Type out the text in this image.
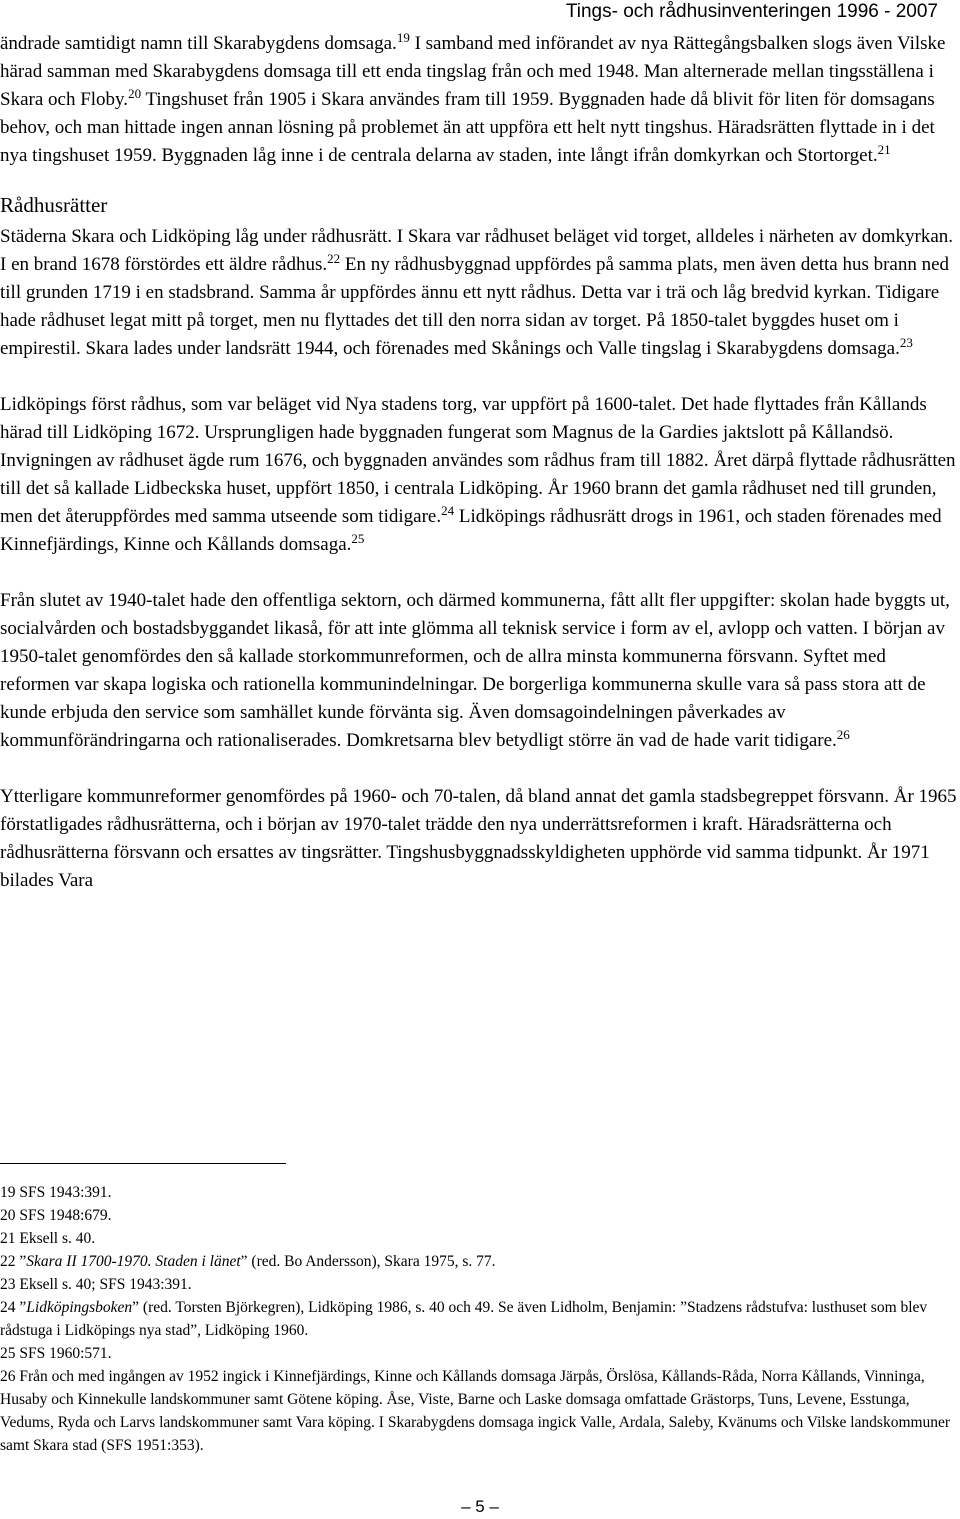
Tings- och rådhusinventeringen 1996 - 2007

ändrade samtidigt namn till Skarabygdens domsaga.$^{19}$ I samband med införandet av nya Rättegångsbalken slogs även Vilske härad samman med Skarabygdens domsaga till ett enda tingslag från och med 1948. Man alternerade mellan tingsställena i Skara och Floby.$^{20}$ Tingshuset från 1905 i Skara användes fram till 1959. Byggnaden hade då blivit för liten för domsagans behov, och man hittade ingen annan lösning på problemet än att uppföra ett helt nytt tingshus. Häradsrätten flyttade in i det nya tingshuset 1959. Byggnaden låg inne i de centrala delarna av staden, inte långt ifrån domkyrkan och Stortorget.$^{21}$

Rådhusrätter

Städerna Skara och Lidköping låg under rådhusrätt. I Skara var rådhuset beläget vid torget, alldeles i närheten av domkyrkan. I en brand 1678 förstördes ett äldre rådhus.$^{22}$ En ny rådhusbyggnad uppfördes på samma plats, men även detta hus brann ned till grunden 1719 i en stadsbrand. Samma år uppfördes ännu ett nytt rådhus. Detta var i trä och låg bredvid kyrkan. Tidigare hade rådhuset legat mitt på torget, men nu flyttades det till den norra sidan av torget. På 1850-talet byggdes huset om i empirestil. Skara lades under landsrätt 1944, och förenades med Skånings och Valle tingslag i Skarabygdens domsaga.$^{23}$

Lidköpings först rådhus, som var beläget vid Nya stadens torg, var uppfört på 1600-talet. Det hade flyttades från Kållands härad till Lidköping 1672. Ursprungligen hade byggnaden fungerat som Magnus de la Gardies jaktslott på Kållandsö. Invigningen av rådhuset ägde rum 1676, och byggnaden användes som rådhus fram till 1882. Året därpå flyttade rådhusrätten till det så kallade Lidbeckska huset, uppfört 1850, i centrala Lidköping. År 1960 brann det gamla rådhuset ned till grunden, men det återuppfördes med samma utseende som tidigare.$^{24}$ Lidköpings rådhusrätt drogs in 1961, och staden förenades med Kinnefjärdings, Kinne och Kållands domsaga.$^{25}$

Från slutet av 1940-talet hade den offentliga sektorn, och därmed kommunerna, fått allt fler uppgifter: skolan hade byggts ut, socialvården och bostadsbyggandet likaså, för att inte glömma all teknisk service i form av el, avlopp och vatten. I början av 1950-talet genomfördes den så kallade storkommunreformen, och de allra minsta kommunerna försvann. Syftet med reformen var skapa logiska och rationella kommunindelningar. De borgerliga kommunerna skulle vara så pass stora att de kunde erbjuda den service som samhället kunde förvänta sig. Även domsagoindelningen påverkades av kommunförändringarna och rationaliserades. Domkretsarna blev betydligt större än vad de hade varit tidigare.$^{26}$

Ytterligare kommunreformer genomfördes på 1960- och 70-talen, då bland annat det gamla stadsbegreppet försvann. År 1965 förstatligades rådhusrätterna, och i början av 1970-talet trädde den nya underrättsreformen i kraft. Häradsrätterna och rådhusrätterna försvann och ersattes av tingsrätter. Tingshusbyggnadsskyldigheten upphörde vid samma tidpunkt. År 1971 bilades Vara

19 SFS 1943:391.

20 SFS 1948:679.

21 Eksell s. 40.

22 ”Skara II 1700-1970. Staden i länet” (red. Bo Andersson), Skara 1975, s. 77.

23 Eksell s. 40; SFS 1943:391.

24 ”Lidköpingsboken” (red. Torsten Björkegren), Lidköping 1986, s. 40 och 49. Se även Lidholm, Benjamin: ”Stadzens rådstufva: lusthuset som blev rådstuga i Lidköpings nya stad”, Lidköping 1960.

25 SFS 1960:571.

26 Från och med ingången av 1952 ingick i Kinnefjärdings, Kinne och Kållands domsaga Järpås, Örslösa, Kållands-Råda, Norra Kållands, Vinninga, Husaby och Kinnekulle landskommuner samt Götene köping. Åse, Viste, Barne och Laske domsaga omfattade Grästorps, Tuns, Levene, Esstunga, Vedums, Ryda och Larvs landskommuner samt Vara köping. I Skarabygdens domsaga ingick Valle, Ardala, Saleby, Kvänums och Vilske landskommuner samt Skara stad (SFS 1951:353).

– 5 –
